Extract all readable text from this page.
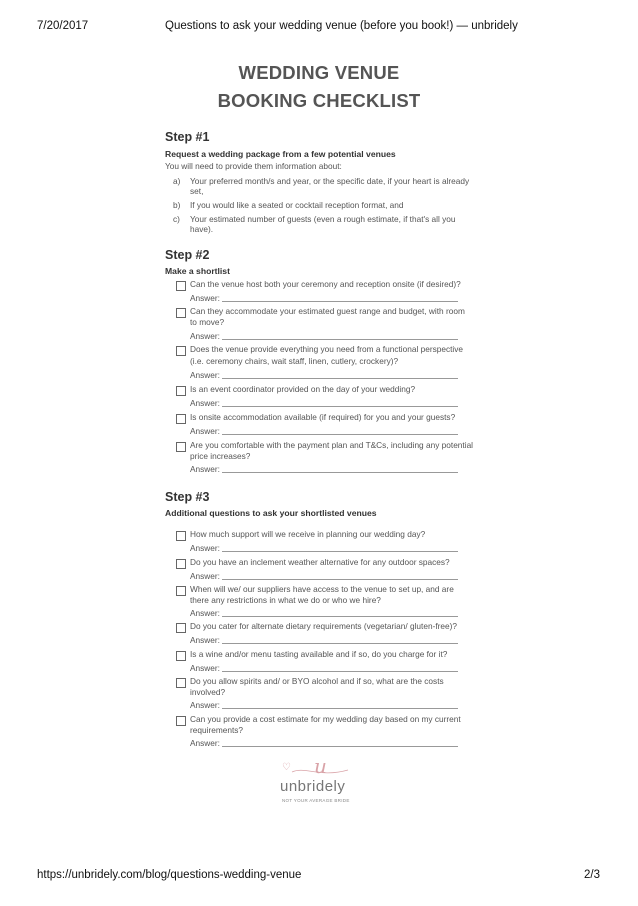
7/20/2017	Questions to ask your wedding venue (before you book!) — unbridely
https://unbridely.com/blog/questions-wedding-venue	2/3
WEDDING VENUE
BOOKING CHECKLIST
Step #1
Request a wedding package from a few potential venues
You will need to provide them information about:
a) Your preferred month/s and year, or the specific date, if your heart is already
set,
b) If you would like a seated or cocktail reception format, and
c) Your estimated number of guests (even a rough estimate, if that's all you
have).
Step #2
Make a shortlist
Can the venue host both your ceremony and reception onsite (if desired)?
Answer:
Can they accommodate your estimated guest range and budget, with room
to move?
Answer:
Does the venue provide everything you need from a functional perspective
(i.e. ceremony chairs, wait staff, linen, cutlery, crockery)?
Answer:
Is an event coordinator provided on the day of your wedding?
Answer:
Is onsite accommodation available (if required) for you and your guests?
Answer:
Are you comfortable with the payment plan and T&Cs, including any potential
price increases?
Answer:
Step #3
Additional questions to ask your shortlisted venues
How much support will we receive in planning our wedding day?
Answer:
Do you have an inclement weather alternative for any outdoor spaces?
Answer:
When will we/ our suppliers have access to the venue to set up, and are
there any restrictions in what we do or who we hire?
Answer:
Do you cater for alternate dietary requirements (vegetarian/ gluten-free)?
Answer:
Is a wine and/or menu tasting available and if so, do you charge for it?
Answer:
Do you allow spirits and/ or BYO alcohol and if so, what are the costs
involved?
Answer:
Can you provide a cost estimate for my wedding day based on my current
requirements?
Answer:
♡ u
unbridely
NOT YOUR AVERAGE BRIDE
